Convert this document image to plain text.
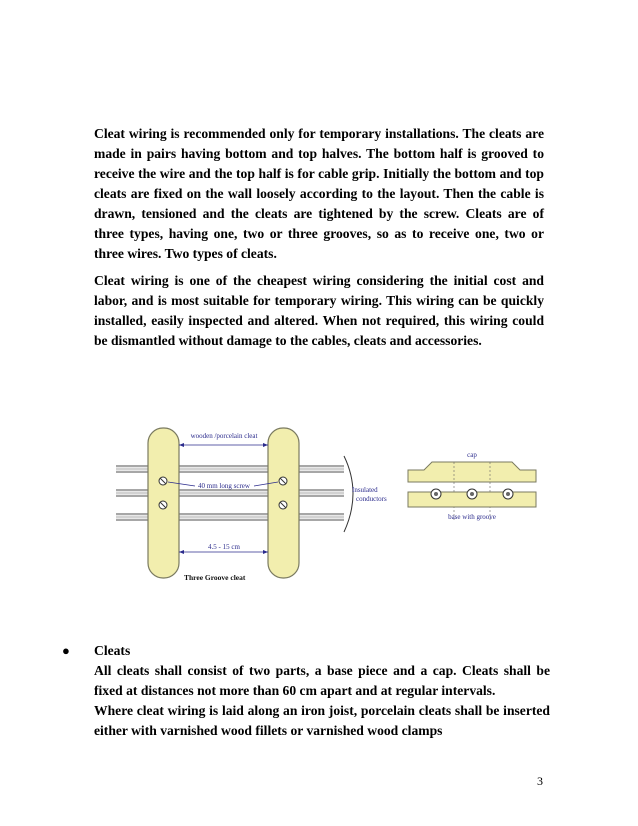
Cleat wiring is recommended only for temporary installations. The cleats are made in pairs having bottom and top halves. The bottom half is grooved to receive the wire and the top half is for cable grip. Initially the bottom and top cleats are fixed on the wall loosely according to the layout. Then the cable is drawn, tensioned and the cleats are tightened by the screw. Cleats are of three types, having one, two or three grooves, so as to receive one, two or three wires. Two types of cleats.

Cleat wiring is one of the cheapest wiring considering the initial cost and labor, and is most suitable for temporary wiring. This wiring can be quickly installed, easily inspected and altered. When not required, this wiring could be dismantled without damage to the cables, cleats and accessories.

wooden /porcelain cleat
40 mm long screw
4.5 - 15 cm
Three Groove cleat
Insulated
conductors
cap
base with groove
● Cleats

All cleats shall consist of two parts, a base piece and a cap. Cleats shall be fixed at distances not more than 60 cm apart and at regular intervals.

Where cleat wiring is laid along an iron joist, porcelain cleats shall be inserted either with varnished wood fillets or varnished wood clamps

3
